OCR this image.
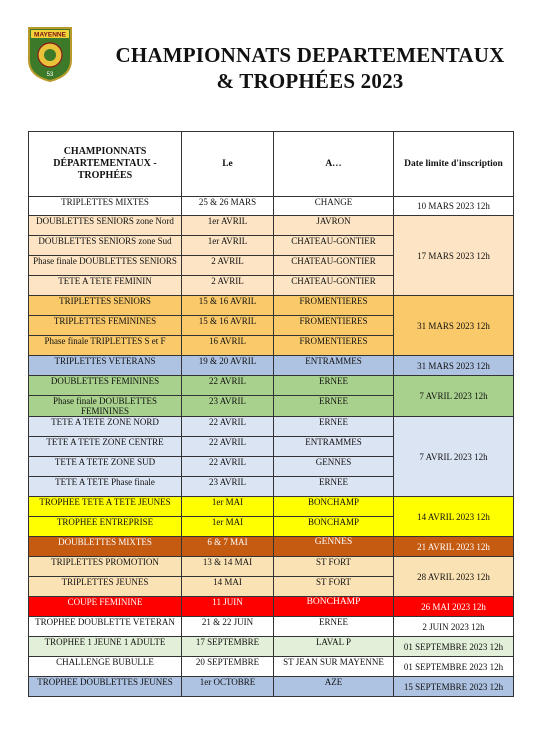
MAYENNE
53
CHAMPIONNATS DEPARTEMENTAUX
& TROPHÉES 2023
CHAMPIONNATS DÉPARTEMENTAUX - TROPHÉES	Le	A…	Date limite d'inscription
TRIPLETTES MIXTES	25 & 26 MARS	CHANGE	10 MARS 2023 12h
DOUBLETTES SENIORS zone Nord	1er AVRIL	JAVRON	17 MARS 2023 12h
DOUBLETTES SENIORS zone Sud	1er AVRIL	CHATEAU-GONTIER	
Phase finale DOUBLETTES SENIORS	2 AVRIL	CHATEAU-GONTIER	
TETE A TETE FEMININ	2 AVRIL	CHATEAU-GONTIER	
TRIPLETTES SENIORS	15 & 16 AVRIL	FROMENTIERES	31 MARS 2023 12h
TRIPLETTES FEMININES	15 & 16 AVRIL	FROMENTIERES	
Phase finale TRIPLETTES S et F	16 AVRIL	FROMENTIERES	
TRIPLETTES VETERANS	19 & 20 AVRIL	ENTRAMMES	31 MARS 2023 12h
DOUBLETTES FEMININES	22 AVRIL	ERNEE	7 AVRIL 2023 12h
Phase finale DOUBLETTES FEMININES	23 AVRIL	ERNEE	
TETE A TETE ZONE NORD	22 AVRIL	ERNEE	7 AVRIL 2023 12h
TETE A TETE ZONE CENTRE	22 AVRIL	ENTRAMMES	
TETE A TETE ZONE SUD	22 AVRIL	GENNES	
TETE A TETE Phase finale	23 AVRIL	ERNEE	
TROPHEE TETE A TETE JEUNES	1er MAI	BONCHAMP	14 AVRIL 2023 12h
TROPHEE ENTREPRISE	1er MAI	BONCHAMP	
DOUBLETTES MIXTES	6 & 7 MAI	GENNES	21 AVRIL 2023 12h
TRIPLETTES PROMOTION	13 & 14 MAI	ST FORT	28 AVRIL 2023 12h
TRIPLETTES JEUNES	14 MAI	ST FORT	
COUPE FEMININE	11 JUIN	BONCHAMP	26 MAI 2023 12h
TROPHEE DOUBLETTE VETERAN	21 & 22 JUIN	ERNEE	2 JUIN 2023 12h
TROPHEE 1 JEUNE 1 ADULTE	17 SEPTEMBRE	LAVAL P	01 SEPTEMBRE 2023 12h
CHALLENGE BUBULLE	20 SEPTEMBRE	ST JEAN SUR MAYENNE	01 SEPTEMBRE 2023 12h
TROPHEE DOUBLETTES JEUNES	1er OCTOBRE	AZE	15 SEPTEMBRE 2023 12h
